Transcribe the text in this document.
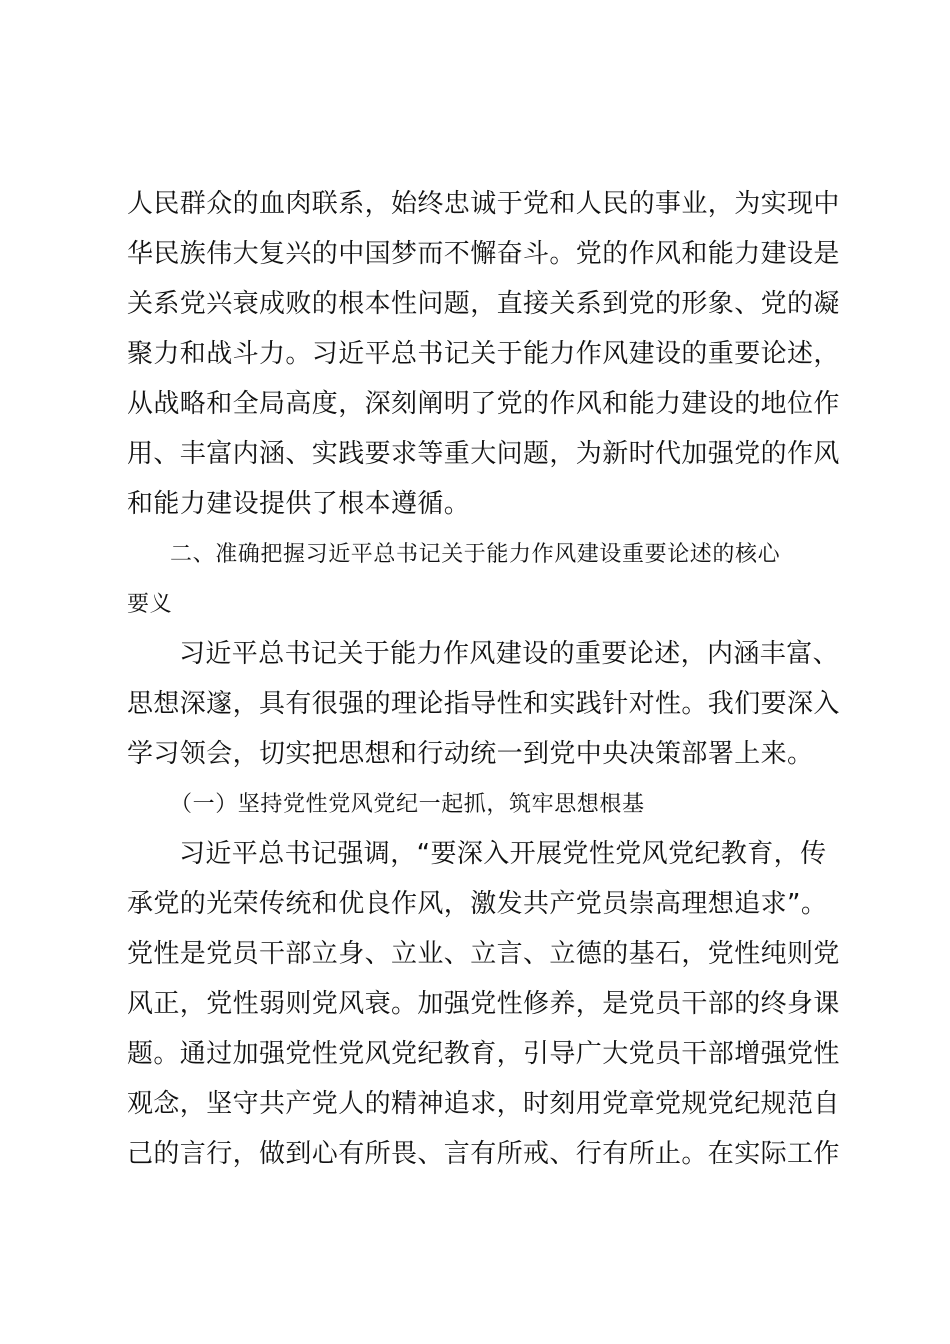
人民群众的血肉联系，始终忠诚于党和人民的事业，为实现中
华民族伟大复兴的中国梦而不懈奋斗。党的作风和能力建设是
关系党兴衰成败的根本性问题，直接关系到党的形象、党的凝
聚力和战斗力。习近平总书记关于能力作风建设的重要论述，
从战略和全局高度，深刻阐明了党的作风和能力建设的地位作
用、丰富内涵、实践要求等重大问题，为新时代加强党的作风
和能力建设提供了根本遵循。
二、准确把握习近平总书记关于能力作风建设重要论述的核心
要义
习近平总书记关于能力作风建设的重要论述，内涵丰富、
思想深邃，具有很强的理论指导性和实践针对性。我们要深入
学习领会，切实把思想和行动统一到党中央决策部署上来。
（一）坚持党性党风党纪一起抓，筑牢思想根基
习近平总书记强调，“要深入开展党性党风党纪教育，传
承党的光荣传统和优良作风，激发共产党员崇高理想追求”。
党性是党员干部立身、立业、立言、立德的基石，党性纯则党
风正，党性弱则党风衰。加强党性修养，是党员干部的终身课
题。通过加强党性党风党纪教育，引导广大党员干部增强党性
观念，坚守共产党人的精神追求，时刻用党章党规党纪规范自
己的言行，做到心有所畏、言有所戒、行有所止。在实际工作
